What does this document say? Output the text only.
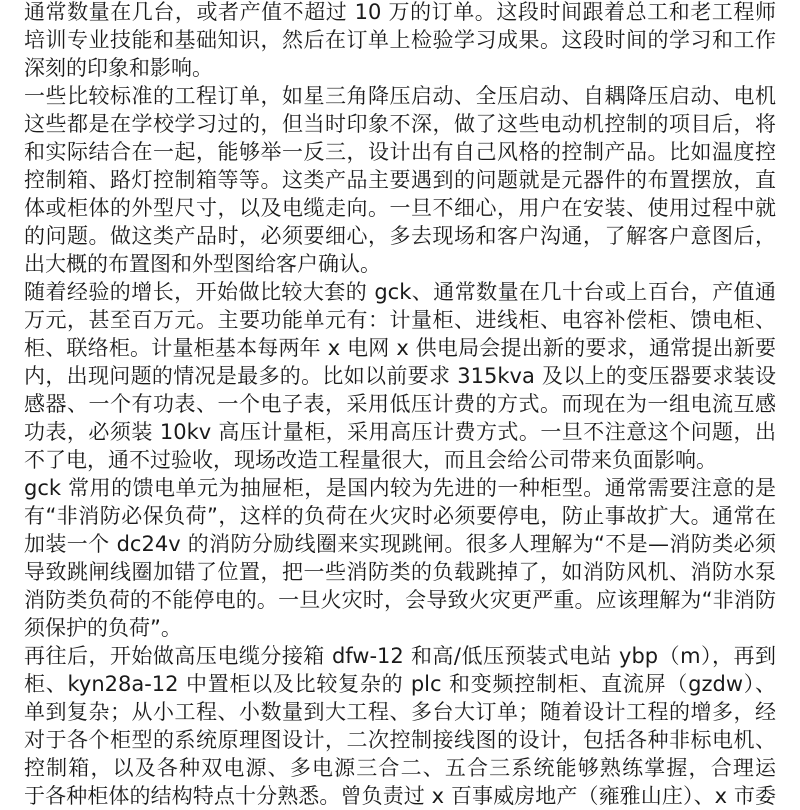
通常数量在几台，或者产值不超过 10 万的订单。这段时间跟着总工和老工程师
培训专业技能和基础知识，然后在订单上检验学习成果。这段时间的学习和工作
深刻的印象和影响。
一些比较标准的工程订单，如星三角降压启动、全压启动、自耦降压启动、电机
这些都是在学校学习过的，但当时印象不深，做了这些电动机控制的项目后，将
和实际结合在一起，能够举一反三，设计出有自己风格的控制产品。比如温度控
控制箱、路灯控制箱等等。这类产品主要遇到的问题就是元器件的布置摆放，直
体或柜体的外型尺寸，以及电缆走向。一旦不细心，用户在安装、使用过程中就
的问题。做这类产品时，必须要细心，多去现场和客户沟通，了解客户意图后，
出大概的布置图和外型图给客户确认。
随着经验的增长，开始做比较大套的 gck、通常数量在几十台或上百台，产值通
万元，甚至百万元。主要功能单元有：计量柜、进线柜、电容补偿柜、馈电柜、
柜、联络柜。计量柜基本每两年 x 电网 x 供电局会提出新的要求，通常提出新要
内，出现问题的情况是最多的。比如以前要求 315kva 及以上的变压器要求装设
感器、一个有功表、一个电子表，采用低压计费的方式。而现在为一组电流互感
功表，必须装 10kv 高压计量柜，采用高压计费方式。一旦不注意这个问题，出
不了电，通不过验收，现场改造工程量很大，而且会给公司带来负面影响。
gck 常用的馈电单元为抽屉柜，是国内较为先进的一种柜型。通常需要注意的是
有“非消防必保负荷”，这样的负荷在火灾时必须要停电，防止事故扩大。通常在
加装一个 dc24v 的消防分励线圈来实现跳闸。很多人理解为“不是—消防类必须
导致跳闸线圈加错了位置，把一些消防类的负载跳掉了，如消防风机、消防水泵
消防类负荷的不能停电的。一旦火灾时，会导致火灾更严重。应该理解为“非消防
须保护的负荷”。
再往后，开始做高压电缆分接箱 dfw-12 和高/低压预装式电站 ybp（m），再到
柜、kyn28a-12 中置柜以及比较复杂的 plc 和变频控制柜、直流屏（gzdw）、
单到复杂；从小工程、小数量到大工程、多台大订单；随着设计工程的增多，经
对于各个柜型的系统原理图设计，二次控制接线图的设计，包括各种非标电机、
控制箱，以及各种双电源、多电源三合二、五合三系统能够熟练掌握，合理运
于各种柜体的结构特点十分熟悉。曾负责过 x 百事威房地产（雍雅山庄）、x 市委
